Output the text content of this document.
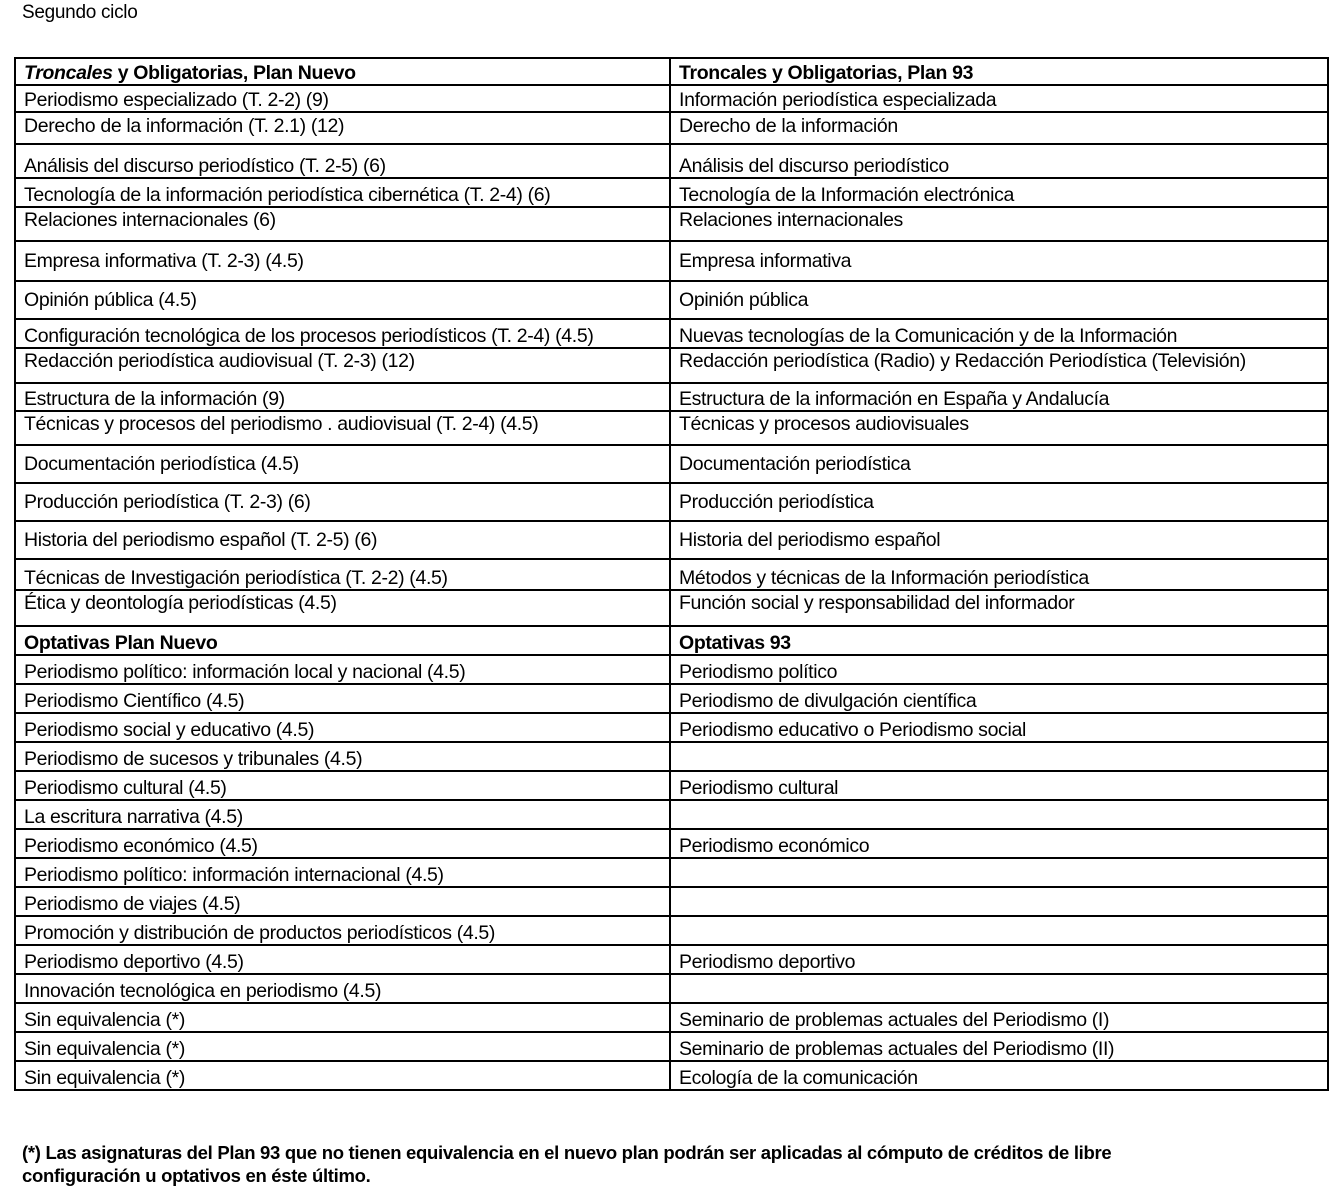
Segundo ciclo
Troncales y Obligatorias, Plan Nuevo	Troncales y Obligatorias, Plan 93
Periodismo especializado (T. 2-2) (9)	Información periodística especializada
Derecho de la información (T. 2.1) (12)	Derecho de la información
Análisis del discurso periodístico (T. 2-5) (6)	Análisis del discurso periodístico
Tecnología de la información periodística cibernética (T. 2-4) (6)	Tecnología de la Información electrónica
Relaciones internacionales (6)	Relaciones internacionales
Empresa informativa (T. 2-3) (4.5)	Empresa informativa
Opinión pública (4.5)	Opinión pública
Configuración tecnológica de los procesos periodísticos (T. 2-4) (4.5)	Nuevas tecnologías de la Comunicación y de la Información
Redacción periodística audiovisual (T. 2-3) (12)	Redacción periodística (Radio) y Redacción Periodística (Televisión)
Estructura de la información (9)	Estructura de la información en España y Andalucía
Técnicas y procesos del periodismo . audiovisual (T. 2-4) (4.5)	Técnicas y procesos audiovisuales
Documentación periodística (4.5)	Documentación periodística
Producción periodística (T. 2-3) (6)	Producción periodística
Historia del periodismo español (T. 2-5) (6)	Historia del periodismo español
Técnicas de Investigación periodística (T. 2-2) (4.5)	Métodos y técnicas de la Información periodística
Ética y deontología periodísticas (4.5)	Función social y responsabilidad del informador
Optativas Plan Nuevo	Optativas 93
Periodismo político: información local y nacional (4.5)	Periodismo político
Periodismo Científico (4.5)	Periodismo de divulgación científica
Periodismo social y educativo (4.5)	Periodismo educativo o Periodismo social
Periodismo de sucesos y tribunales (4.5)	
Periodismo cultural (4.5)	Periodismo cultural
La escritura narrativa (4.5)	
Periodismo económico (4.5)	Periodismo económico
Periodismo político: información internacional (4.5)	
Periodismo de viajes (4.5)	
Promoción y distribución de productos periodísticos (4.5)	
Periodismo deportivo (4.5)	Periodismo deportivo
Innovación tecnológica en periodismo (4.5)	
Sin equivalencia (*)	Seminario de problemas actuales del Periodismo (I)
Sin equivalencia (*)	Seminario de problemas actuales del Periodismo (II)
Sin equivalencia (*)	Ecología de la comunicación
(*) Las asignaturas del Plan 93 que no tienen equivalencia en el nuevo plan podrán ser aplicadas al cómputo de créditos de libre
configuración u optativos en éste último.
